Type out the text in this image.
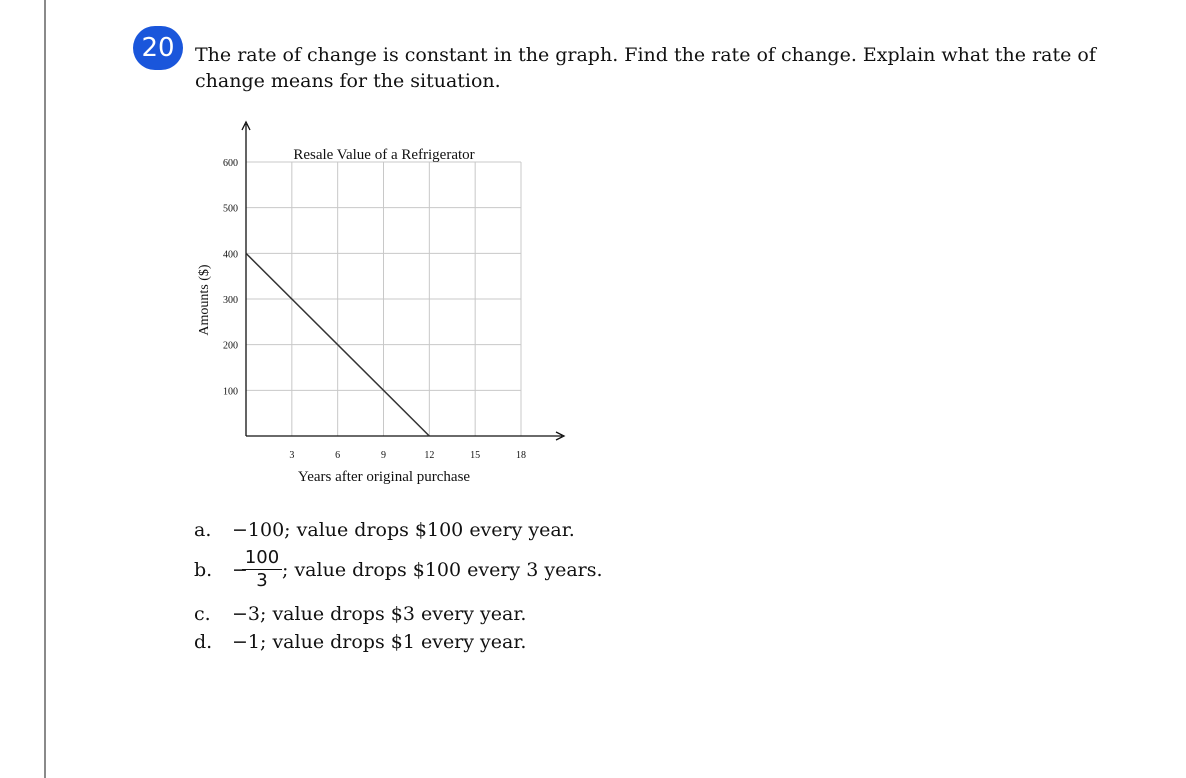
20	The rate of change is constant in the graph. Find the rate of change. Explain what the rate of change means for the situation.
100
200
300
400
500
600
3	6	9	12	15	18
Resale Value of a Refrigerator
Years after original purchase
Amounts ($)
a. −100; value drops $100 every year.
b. −
$\frac{100}{3}$ ; value drops $100 every 3 years.
c. −3; value drops $3 every year.
d. −1; value drops $1 every year.
